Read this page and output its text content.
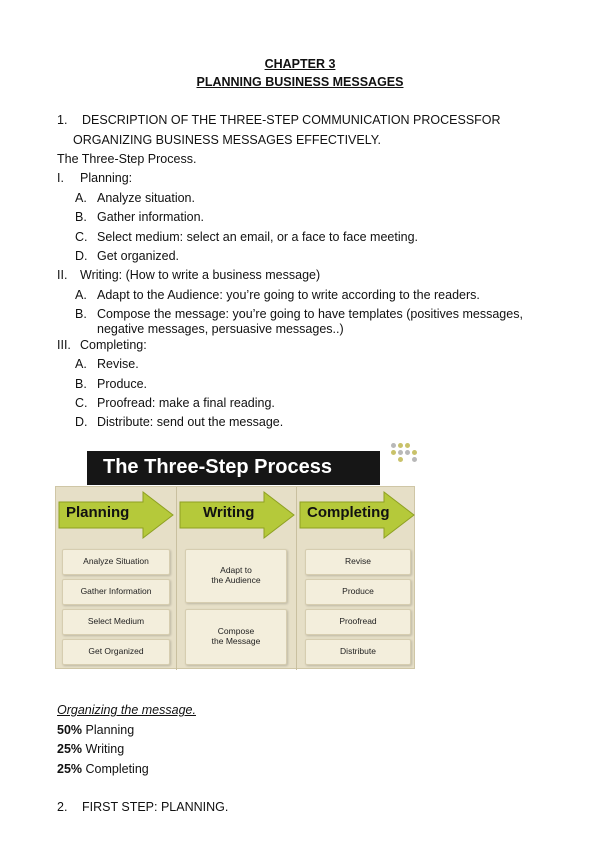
CHAPTER 3
PLANNING BUSINESS MESSAGES
1. DESCRIPTION OF THE THREE-STEP COMMUNICATION PROCESSFOR
ORGANIZING BUSINESS MESSAGES EFFECTIVELY.
The Three-Step Process.
I. Planning:
A. Analyze situation.
B. Gather information.
C. Select medium: select an email, or a face to face meeting.
D. Get organized.
II. Writing: (How to write a business message)
A. Adapt to the Audience: you’re going to write according to the readers.
B. Compose the message: you’re going to have templates (positives messages,
negative messages, persuasive messages..)
III. Completing:
A. Revise.
B. Produce.
C. Proofread: make a final reading.
D. Distribute: send out the message.
The Three-Step Process
Planning
Analyze Situation
Gather Information
Select Medium
Get Organized
Writing
Adapt to
the Audience
Compose
the Message
Completing
Revise
Produce
Proofread
Distribute
Organizing the message.
50% Planning
25% Writing
25% Completing
2. FIRST STEP: PLANNING.
